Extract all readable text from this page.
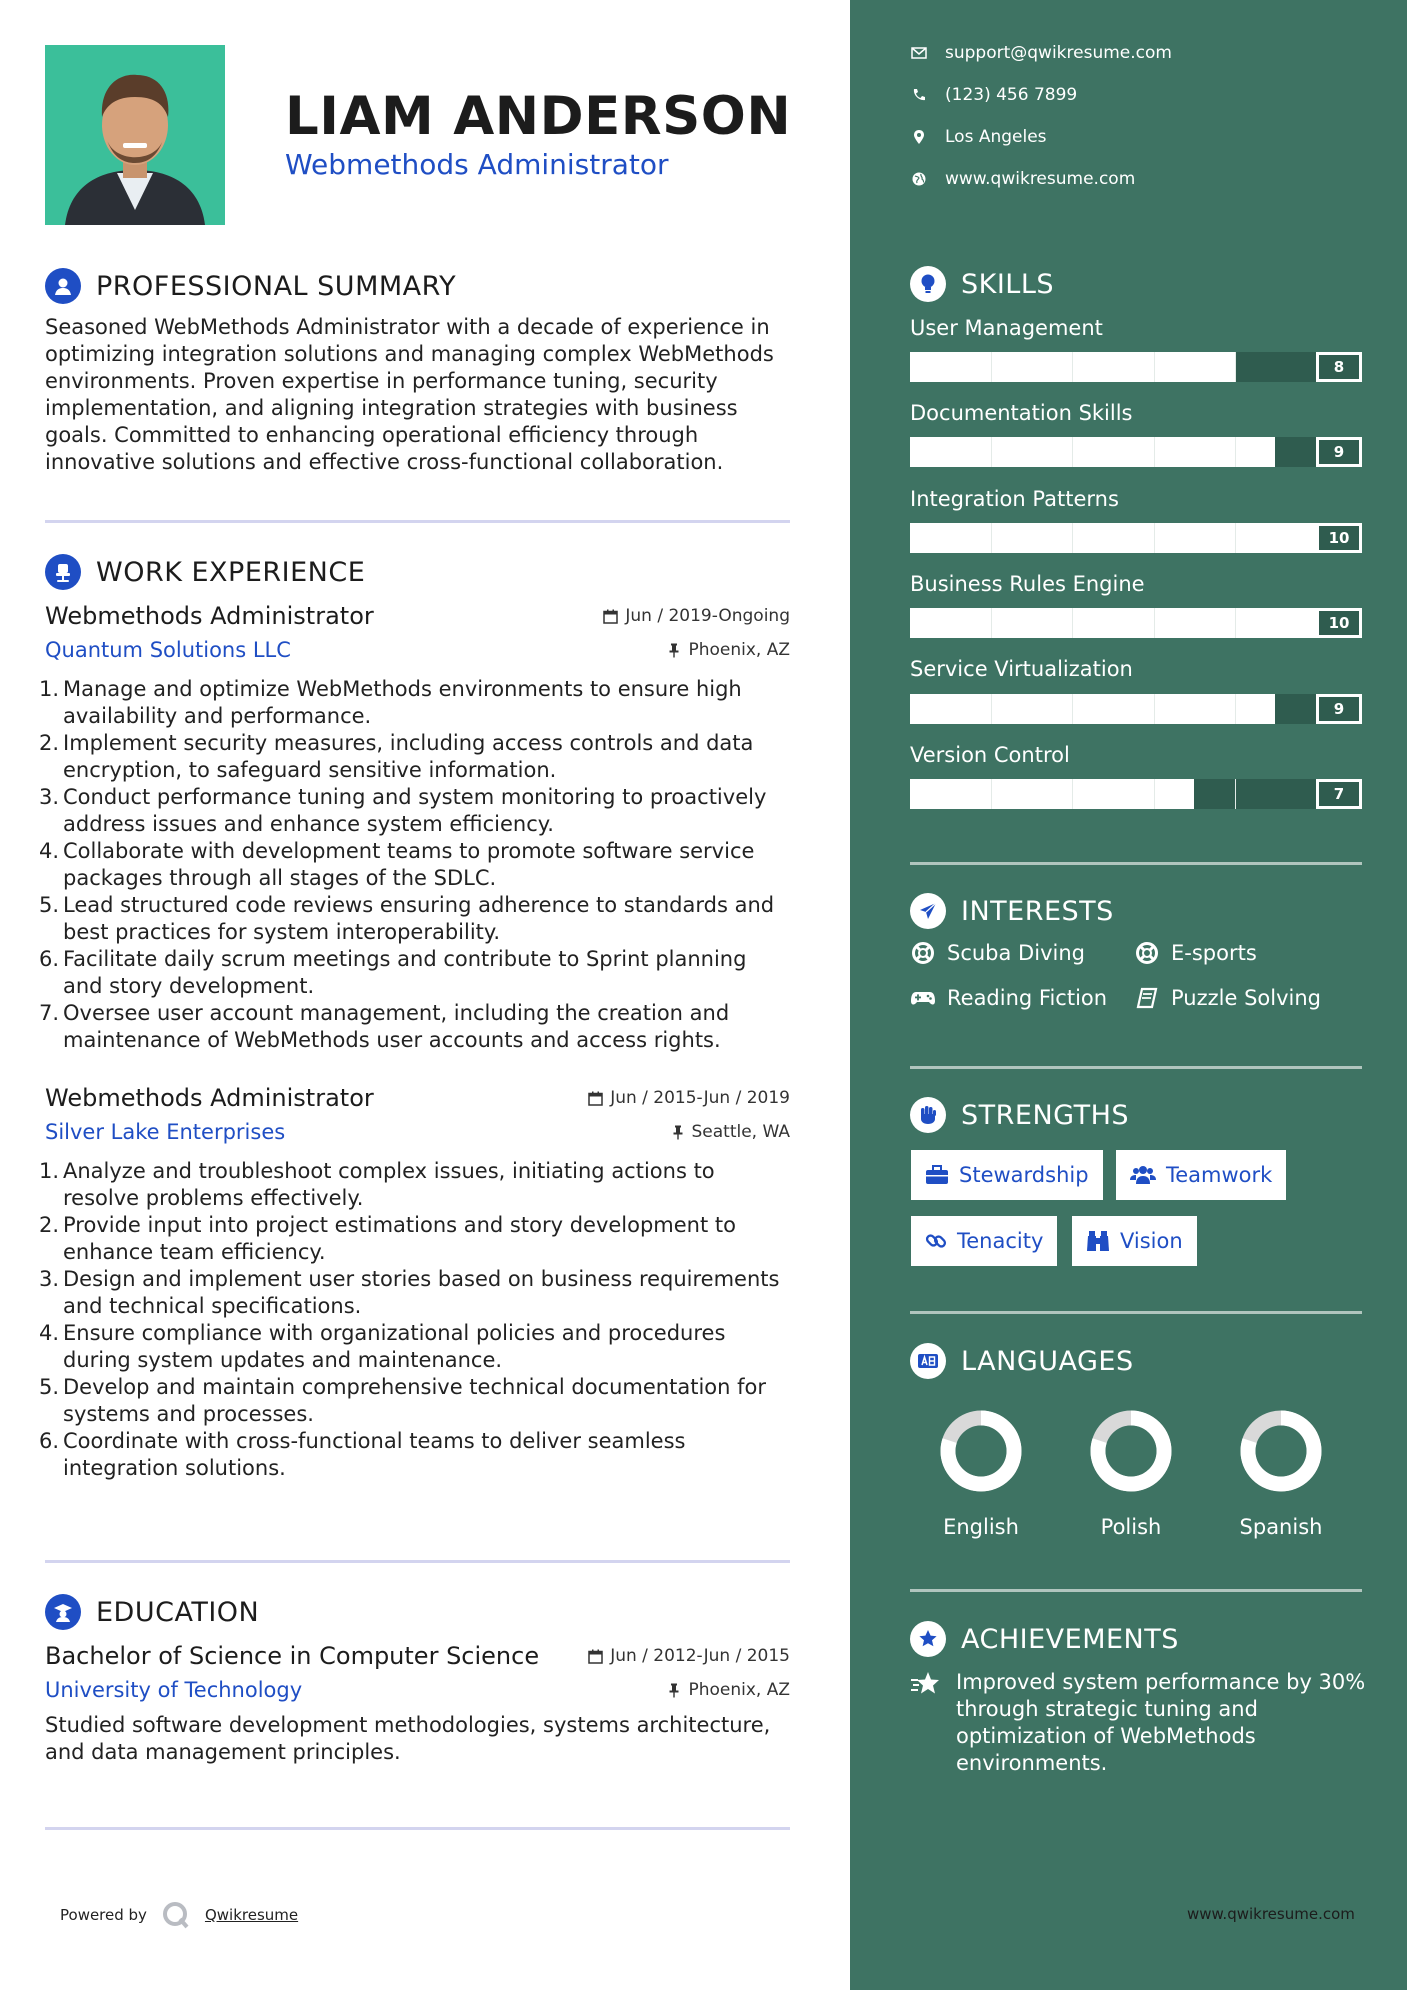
LIAM ANDERSON
Webmethods Administrator
PROFESSIONAL SUMMARY
Seasoned WebMethods Administrator with a decade of experience in optimizing integration solutions and managing complex WebMethods environments. Proven expertise in performance tuning, security implementation, and aligning integration strategies with business goals. Committed to enhancing operational efficiency through innovative solutions and effective cross-functional collaboration.
WORK EXPERIENCE
Webmethods Administrator	Jun / 2019-Ongoing
Quantum Solutions LLC	Phoenix, AZ
1. Manage and optimize WebMethods environments to ensure high availability and performance.
2. Implement security measures, including access controls and data encryption, to safeguard sensitive information.
3. Conduct performance tuning and system monitoring to proactively address issues and enhance system efficiency.
4. Collaborate with development teams to promote software service packages through all stages of the SDLC.
5. Lead structured code reviews ensuring adherence to standards and best practices for system interoperability.
6. Facilitate daily scrum meetings and contribute to Sprint planning and story development.
7. Oversee user account management, including the creation and maintenance of WebMethods user accounts and access rights.
Webmethods Administrator	Jun / 2015-Jun / 2019
Silver Lake Enterprises	Seattle, WA
1. Analyze and troubleshoot complex issues, initiating actions to resolve problems effectively.
2. Provide input into project estimations and story development to enhance team efficiency.
3. Design and implement user stories based on business requirements and technical specifications.
4. Ensure compliance with organizational policies and procedures during system updates and maintenance.
5. Develop and maintain comprehensive technical documentation for systems and processes.
6. Coordinate with cross-functional teams to deliver seamless integration solutions.
EDUCATION
Bachelor of Science in Computer Science	Jun / 2012-Jun / 2015
University of Technology	Phoenix, AZ
Studied software development methodologies, systems architecture, and data management principles.
Powered by	Qwikresume
support@qwikresume.com
(123) 456 7899
Los Angeles
www.qwikresume.com
SKILLS
User Management
8
Documentation Skills
9
Integration Patterns
10
Business Rules Engine
10
Service Virtualization
9
Version Control
7
INTERESTS
Scuba Diving	E-sports
Reading Fiction	Puzzle Solving
STRENGTHS
Stewardship	Teamwork
Tenacity	Vision
LANGUAGES
English	Polish	Spanish
ACHIEVEMENTS
Improved system performance by 30% through strategic tuning and optimization of WebMethods environments.
www.qwikresume.com
